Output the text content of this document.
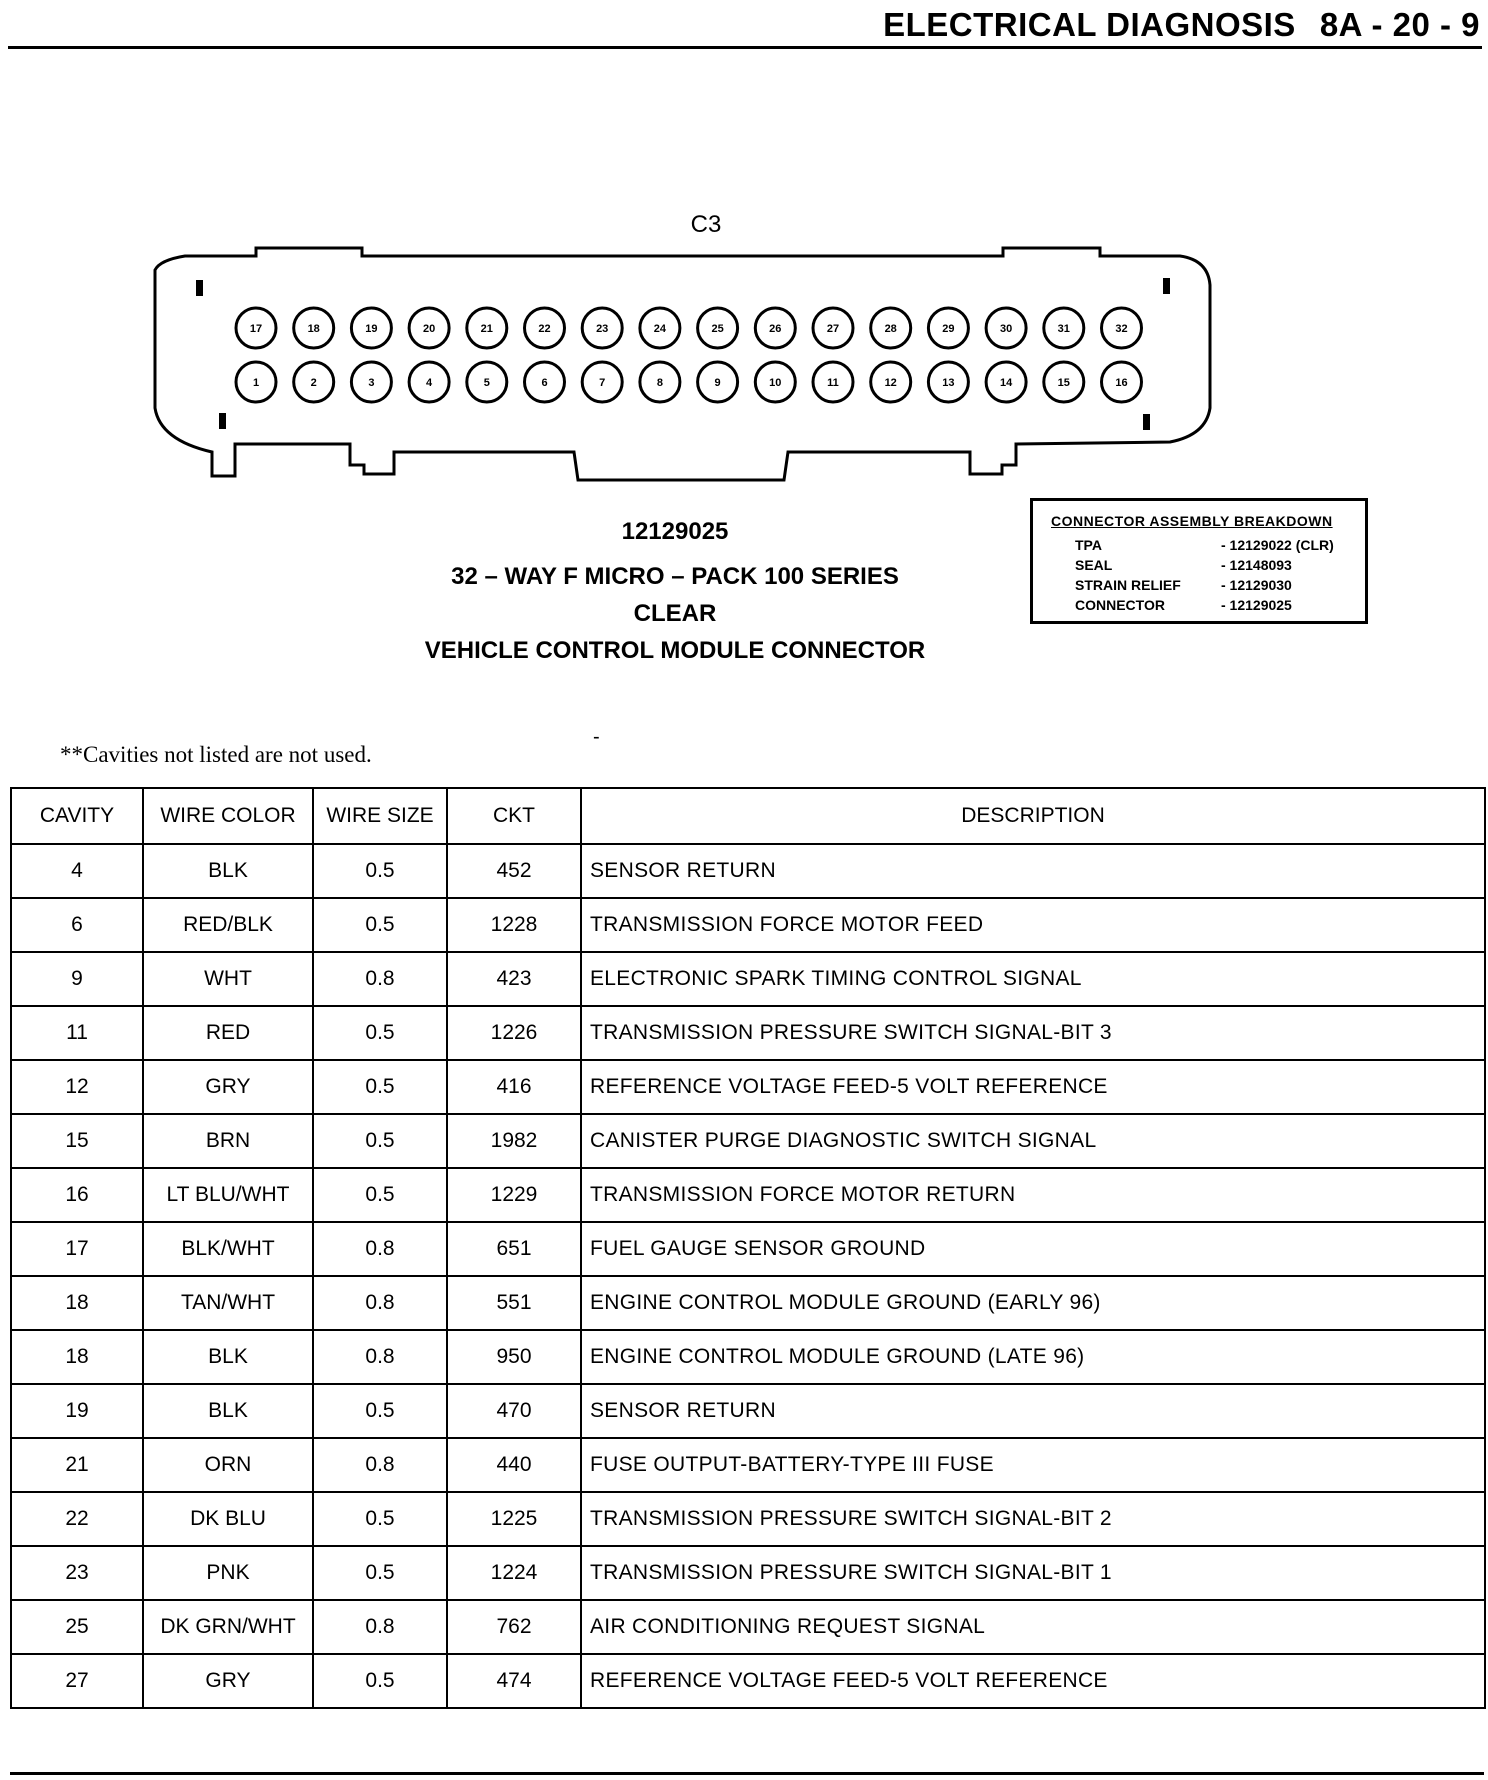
ELECTRICAL DIAGNOSIS 8A - 20 - 9
C3
17	18	19	20	21	22	23	24	25	26	27	28	29	30	31	32
1	2	3	4	5	6	7	8	9	10	11	12	13	14	15	16
12129025
32 – WAY F MICRO – PACK 100 SERIES
CLEAR
VEHICLE CONTROL MODULE CONNECTOR
CONNECTOR ASSEMBLY BREAKDOWN
TPA	- 12129022 (CLR)
SEAL	- 12148093
STRAIN RELIEF	- 12129030
CONNECTOR	- 12129025
-
**Cavities not listed are not used.
CAVITY	WIRE COLOR	WIRE SIZE	CKT	DESCRIPTION
4	BLK	0.5	452	SENSOR RETURN
6	RED/BLK	0.5	1228	TRANSMISSION FORCE MOTOR FEED
9	WHT	0.8	423	ELECTRONIC SPARK TIMING CONTROL SIGNAL
11	RED	0.5	1226	TRANSMISSION PRESSURE SWITCH SIGNAL-BIT 3
12	GRY	0.5	416	REFERENCE VOLTAGE FEED-5 VOLT REFERENCE
15	BRN	0.5	1982	CANISTER PURGE DIAGNOSTIC SWITCH SIGNAL
16	LT BLU/WHT	0.5	1229	TRANSMISSION FORCE MOTOR RETURN
17	BLK/WHT	0.8	651	FUEL GAUGE SENSOR GROUND
18	TAN/WHT	0.8	551	ENGINE CONTROL MODULE GROUND (EARLY 96)
18	BLK	0.8	950	ENGINE CONTROL MODULE GROUND (LATE 96)
19	BLK	0.5	470	SENSOR RETURN
21	ORN	0.8	440	FUSE OUTPUT-BATTERY-TYPE III FUSE
22	DK BLU	0.5	1225	TRANSMISSION PRESSURE SWITCH SIGNAL-BIT 2
23	PNK	0.5	1224	TRANSMISSION PRESSURE SWITCH SIGNAL-BIT 1
25	DK GRN/WHT	0.8	762	AIR CONDITIONING REQUEST SIGNAL
27	GRY	0.5	474	REFERENCE VOLTAGE FEED-5 VOLT REFERENCE
